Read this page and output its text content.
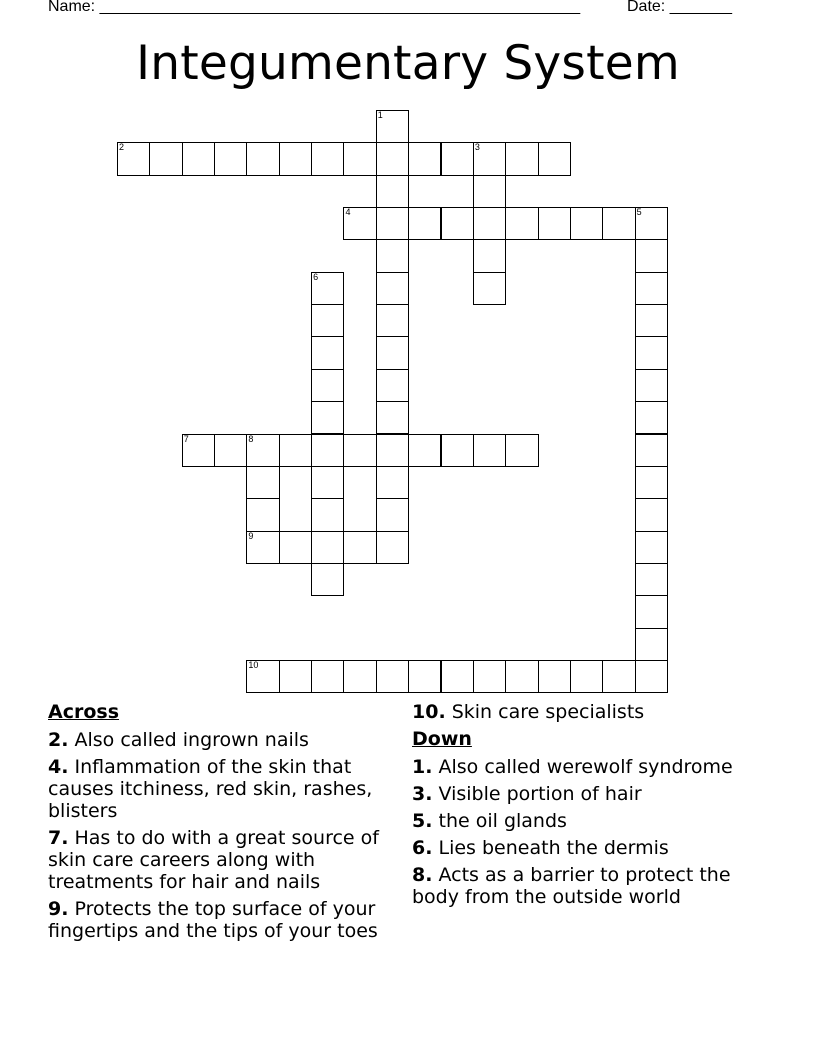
Name: ______________________________________________________	Date: _______
Integumentary System
1
2	3
4	5
6
7	8
9
10
Across
2. Also called ingrown nails
4. Inflammation of the skin that causes itchiness, red skin, rashes, blisters
7. Has to do with a great source of skin care careers along with treatments for hair and nails
9. Protects the top surface of your fingertips and the tips of your toes
10. Skin care specialists
Down
1. Also called werewolf syndrome
3. Visible portion of hair
5. the oil glands
6. Lies beneath the dermis
8. Acts as a barrier to protect the body from the outside world
